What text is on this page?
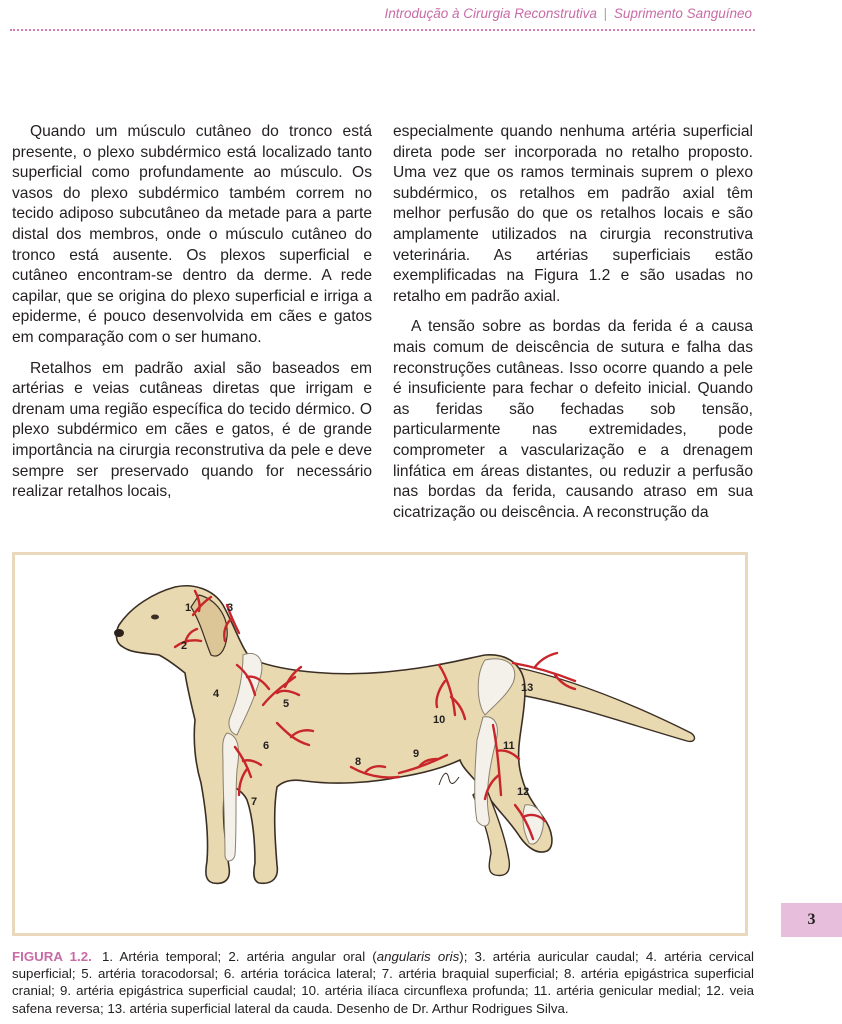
Introdução à Cirurgia Reconstrutiva | Suprimento Sanguíneo

Quando um músculo cutâneo do tronco está presente, o plexo subdérmico está localizado tanto superficial como profundamente ao músculo. Os vasos do plexo subdérmico também correm no tecido adiposo subcutâneo da metade para a parte distal dos membros, onde o músculo cutâneo do tronco está ausente. Os plexos superficial e cutâneo encontram-se dentro da derme. A rede capilar, que se origina do plexo superficial e irriga a epiderme, é pouco desenvolvida em cães e gatos em comparação com o ser humano.

Retalhos em padrão axial são baseados em artérias e veias cutâneas diretas que irrigam e drenam uma região específica do tecido dérmico. O plexo subdérmico em cães e gatos, é de grande importância na cirurgia reconstrutiva da pele e deve sempre ser preservado quando for necessário realizar retalhos locais,

especialmente quando nenhuma artéria superficial direta pode ser incorporada no retalho proposto. Uma vez que os ramos terminais suprem o plexo subdérmico, os retalhos em padrão axial têm melhor perfusão do que os retalhos locais e são amplamente utilizados na cirurgia reconstrutiva veterinária. As artérias superficiais estão exemplificadas na Figura 1.2 e são usadas no retalho em padrão axial.

A tensão sobre as bordas da ferida é a causa mais comum de deiscência de sutura e falha das reconstruções cutâneas. Isso ocorre quando a pele é insuficiente para fechar o defeito inicial. Quando as feridas são fechadas sob tensão, particularmente nas extremidades, pode comprometer a vascularização e a drenagem linfática em áreas distantes, ou reduzir a perfusão nas bordas da ferida, causando atraso em sua cicatrização ou deiscência. A reconstrução da

1
2
3
4
5
6
7
8
9
10
11
12
13
3
FIGURA 1.2. 1. Artéria temporal; 2. artéria angular oral (angularis oris); 3. artéria auricular caudal; 4. artéria cervical superficial; 5. artéria toracodorsal; 6. artéria torácica lateral; 7. artéria braquial superficial; 8. artéria epigástrica superficial cranial; 9. artéria epigástrica superficial caudal; 10. artéria ilíaca circunflexa profunda; 11. artéria genicular medial; 12. veia safena reversa; 13. artéria superficial lateral da cauda. Desenho de Dr. Arthur Rodrigues Silva.
